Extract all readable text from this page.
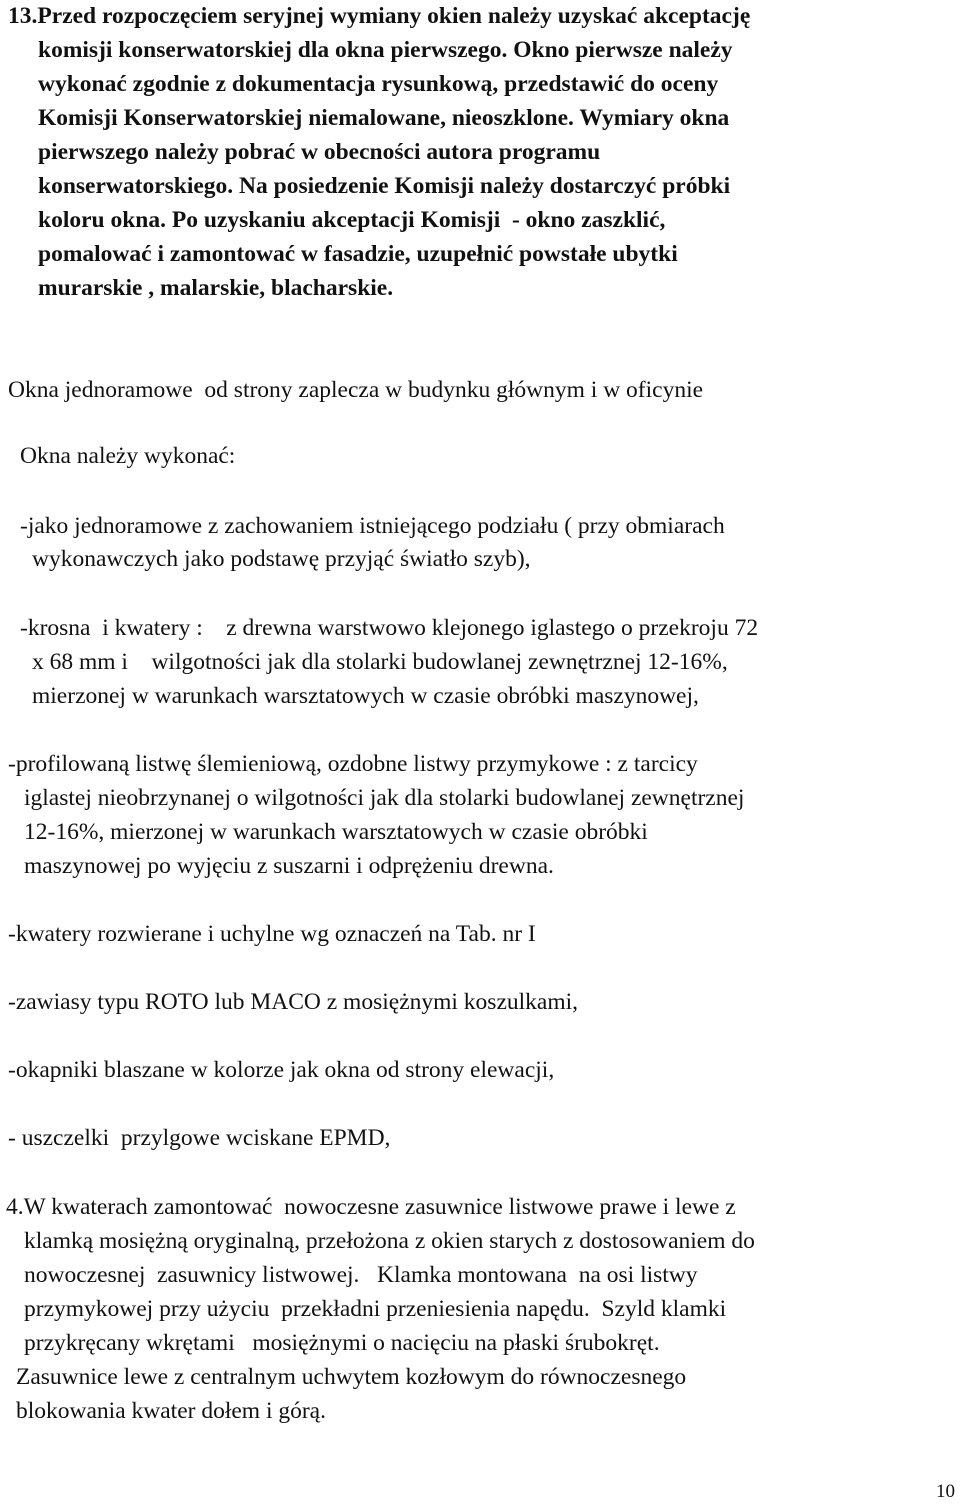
13.Przed rozpoczęciem seryjnej wymiany okien należy uzyskać akceptację
komisji konserwatorskiej dla okna pierwszego. Okno pierwsze należy
wykonać zgodnie z dokumentacja rysunkową, przedstawić do oceny
Komisji Konserwatorskiej niemalowane, nieoszklone. Wymiary okna
pierwszego należy pobrać w obecności autora programu
konserwatorskiego. Na posiedzenie Komisji należy dostarczyć próbki
koloru okna. Po uzyskaniu akceptacji Komisji  - okno zaszklić,
pomalować i zamontować w fasadzie, uzupełnić powstałe ubytki
murarskie , malarskie, blacharskie.
Okna jednoramowe  od strony zaplecza w budynku głównym i w oficynie
Okna należy wykonać:
-jako jednoramowe z zachowaniem istniejącego podziału ( przy obmiarach
wykonawczych jako podstawę przyjąć światło szyb),
-krosna  i kwatery :    z drewna warstwowo klejonego iglastego o przekroju 72
x 68 mm i    wilgotności jak dla stolarki budowlanej zewnętrznej 12-16%,
mierzonej w warunkach warsztatowych w czasie obróbki maszynowej,
-profilowaną listwę ślemieniową, ozdobne listwy przymykowe : z tarcicy
iglastej nieobrzynanej o wilgotności jak dla stolarki budowlanej zewnętrznej
12-16%, mierzonej w warunkach warsztatowych w czasie obróbki
maszynowej po wyjęciu z suszarni i odprężeniu drewna.
-kwatery rozwierane i uchylne wg oznaczeń na Tab. nr I
-zawiasy typu ROTO lub MACO z mosiężnymi koszulkami,
-okapniki blaszane w kolorze jak okna od strony elewacji,
- uszczelki  przylgowe wciskane EPMD,
4.W kwaterach zamontować  nowoczesne zasuwnice listwowe prawe i lewe z
klamką mosiężną oryginalną, przełożona z okien starych z dostosowaniem do
nowoczesnej  zasuwnicy listwowej.   Klamka montowana  na osi listwy
przymykowej przy użyciu  przekładni przeniesienia napędu.  Szyld klamki
przykręcany wkrętami   mosiężnymi o nacięciu na płaski śrubokręt.
Zasuwnice lewe z centralnym uchwytem kozłowym do równoczesnego
blokowania kwater dołem i górą.
10
